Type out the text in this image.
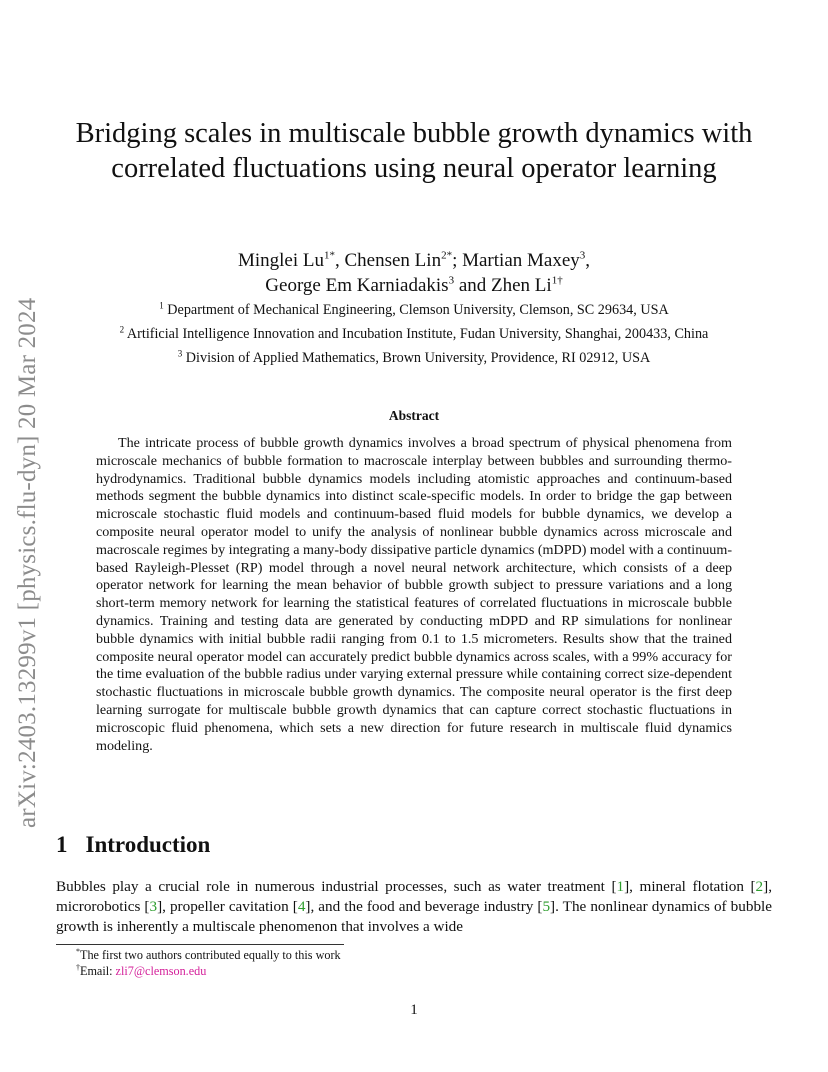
arXiv:2403.13299v1 [physics.flu-dyn] 20 Mar 2024
Bridging scales in multiscale bubble growth dynamics with correlated fluctuations using neural operator learning
Minglei $Lu^{1*}$, Chensen Lin$^{2*}$; Martian Maxey$^3$,
George Em Karniadakis$^3$ and Zhen $Li^{1\dagger}$
$^1$ Department of Mechanical Engineering, Clemson University, Clemson, SC 29634, USA
$^2$ Artificial Intelligence Innovation and Incubation Institute, Fudan University, Shanghai, 200433, China
$^3$ Division of Applied Mathematics, Brown University, Providence, RI 02912, USA
Abstract
The intricate process of bubble growth dynamics involves a broad spectrum of physical phenomena from microscale mechanics of bubble formation to macroscale interplay between bubbles and surrounding thermo-hydrodynamics. Traditional bubble dynamics models including atomistic approaches and continuum-based methods segment the bubble dynamics into distinct scale-specific models. In order to bridge the gap between microscale stochastic fluid models and continuum-based fluid models for bubble dynamics, we develop a composite neural operator model to unify the analysis of nonlinear bubble dynamics across microscale and macroscale regimes by integrating a many-body dissipative particle dynamics (mDPD) model with a continuum-based Rayleigh-Plesset (RP) model through a novel neural network architecture, which consists of a deep operator network for learning the mean behavior of bubble growth subject to pressure variations and a long short-term memory network for learning the statistical features of correlated fluctuations in microscale bubble dynamics. Training and testing data are generated by conducting mDPD and RP simulations for nonlinear bubble dynamics with initial bubble radii ranging from 0.1 to 1.5 micrometers. Results show that the trained composite neural operator model can accurately predict bubble dynamics across scales, with a 99% accuracy for the time evaluation of the bubble radius under varying external pressure while containing correct size-dependent stochastic fluctuations in microscale bubble growth dynamics. The composite neural operator is the first deep learning surrogate for multiscale bubble growth dynamics that can capture correct stochastic fluctuations in microscopic fluid phenomena, which sets a new direction for future research in multiscale fluid dynamics modeling.
1 Introduction
Bubbles play a crucial role in numerous industrial processes, such as water treatment [1], mineral flotation [2], microrobotics [3], propeller cavitation [4], and the food and beverage industry [5]. The nonlinear dynamics of bubble growth is inherently a multiscale phenomenon that involves a wide
*The first two authors contributed equally to this work
†Email: zli7@clemson.edu
1
